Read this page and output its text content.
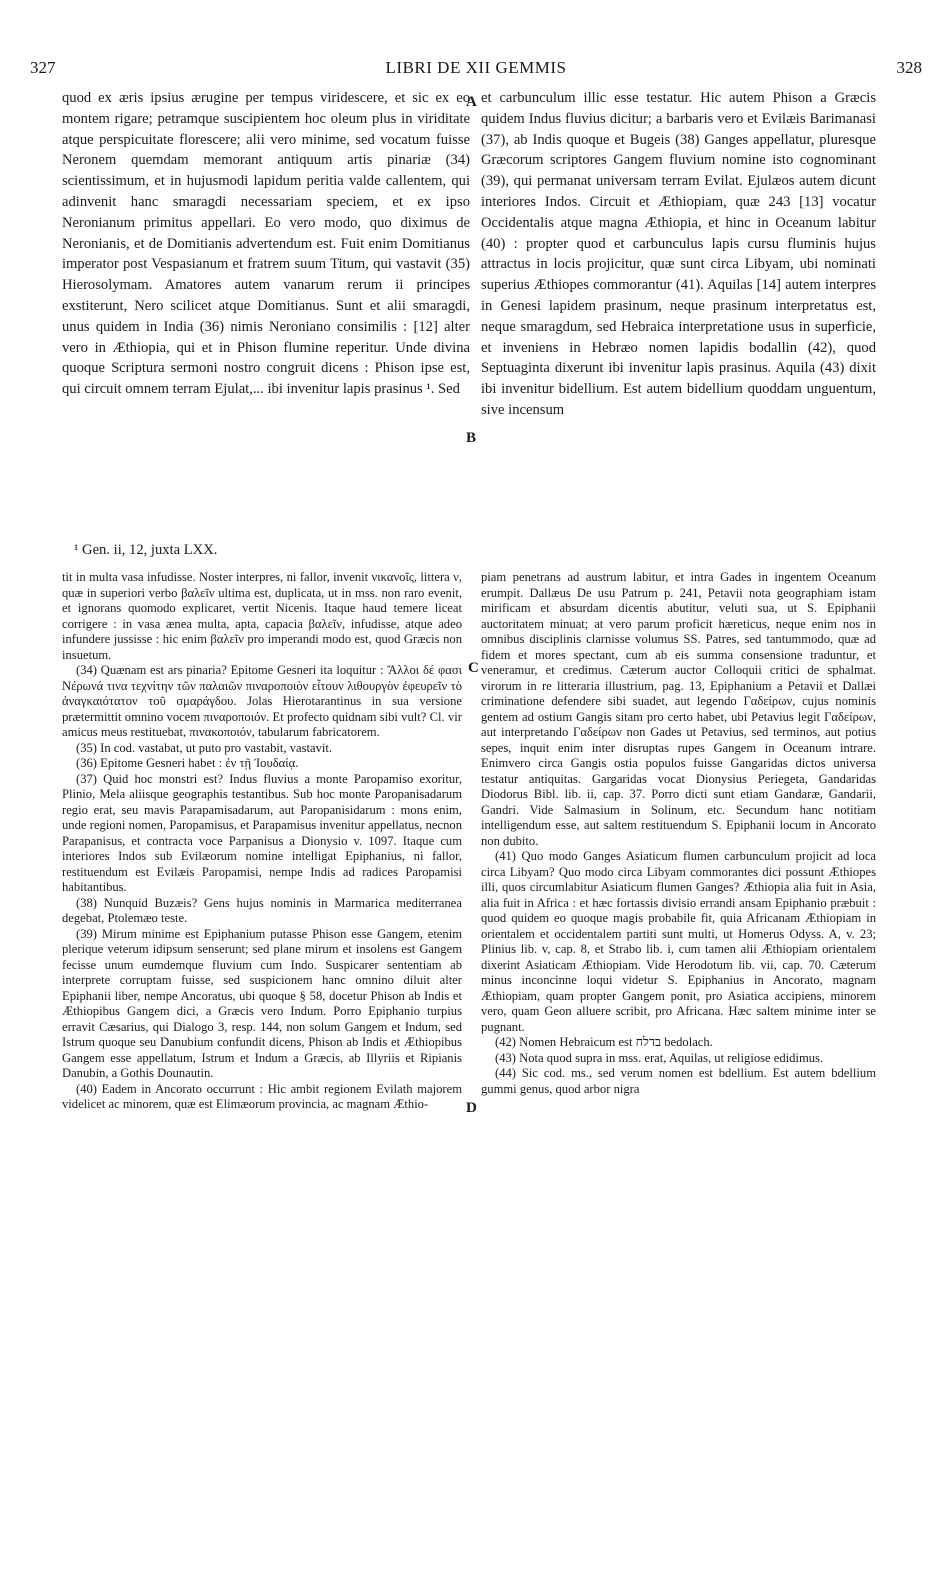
327	LIBRI DE XII GEMMIS	328

quod ex æris ipsius ærugine per tempus viridescere, et sic ex eo montem rigare; petramque suscipientem hoc oleum plus in viriditate atque perspicuitate florescere; alii vero minime, sed vocatum fuisse Neronem quemdam memorant antiquum artis pinariæ (34) scientissimum, et in hujusmodi lapidum peritia valde callentem, qui adinvenit hanc smaragdi necessariam speciem, et ex ipso Neronianum primitus appellari. Eo vero modo, quo diximus de Neronianis, et de Domitianis advertendum est. Fuit enim Domitianus imperator post Vespasianum et fratrem suum Titum, qui vastavit (35) Hierosolymam. Amatores autem vanarum rerum ii principes exstiterunt, Nero scilicet atque Domitianus. Sunt et alii smaragdi, unus quidem in India (36) nimis Neroniano consimilis : [12] alter vero in Æthiopia, qui et in Phison flumine reperitur. Unde divina quoque Scriptura sermoni nostro congruit dicens : Phison ipse est, qui circuit omnem terram Ejulat,... ibi invenitur lapis prasinus ¹. Sed

et carbunculum illic esse testatur. Hic autem Phison a Græcis quidem Indus fluvius dicitur; a barbaris vero et Evilæis Barimanasi (37), ab Indis quoque et Bugeis (38) Ganges appellatur, pluresque Græcorum scriptores Gangem fluvium nomine isto cognominant (39), qui permanat universam terram Evilat. Ejulæos autem dicunt interiores Indos. Circuit et Æthiopiam, quæ 243 [13] vocatur Occidentalis atque magna Æthiopia, et hinc in Oceanum labitur (40) : propter quod et carbunculus lapis cursu fluminis hujus attractus in locis projicitur, quæ sunt circa Libyam, ubi nominati superius Æthiopes commorantur (41). Aquilas [14] autem interpres in Genesi lapidem prasinum, neque prasinum interpretatus est, neque smaragdum, sed Hebraica interpretatione usus in superficie, et inveniens in Hebræo nomen lapidis bodallin (42), quod Septuaginta dixerunt ibi invenitur lapis prasinus. Aquila (43) dixit ibi invenitur bidellium. Est autem bidellium quoddam unguentum, sive incensum

A
B
C
D
¹ Gen. ii, 12, juxta LXX.

tit in multa vasa infudisse. Noster interpres, ni fallor, invenit νικανοῖς, littera ν, quæ in superiori verbo βαλεῖν ultima est, duplicata, ut in mss. non raro evenit, et ignorans quomodo explicaret, vertit Nicenis. Itaque haud temere liceat corrigere : in vasa ænea multa, apta, capacia βαλεῖν, infudisse, atque adeo infundere jussisse : hic enim βαλεῖν pro imperandi modo est, quod Græcis non insuetum.

(34) Quænam est ars pinaria? Epitome Gesneri ita loquitur : Ἄλλοι δέ φασι Νέρωνά τινα τεχνίτην τῶν παλαιῶν πιναροποιὸν εἶτουν λιθουργὸν ἐφευρεῖν τὸ ἀναγκαιότατον τοῦ σμαράγδου. Jolas Hierotarantinus in sua versione prætermittit omnino vocem πιναροποιόν. Et profecto quidnam sibi vult? Cl. vir amicus meus restituebat, πινακοποιόν, tabularum fabricatorem.

(35) In cod. vastabat, ut puto pro vastabit, vastavit.

(36) Epitome Gesneri habet : ἐν τῇ Ἰουδαίᾳ.

(37) Quid hoc monstri est? Indus fluvius a monte Paropamiso exoritur, Plinio, Mela aliisque geographis testantibus. Sub hoc monte Paropanisadarum regio erat, seu mavis Parapamisadarum, aut Paropanisidarum : mons enim, unde regioni nomen, Paropamisus, et Parapamisus invenitur appellatus, necnon Parapanisus, et contracta voce Parpanisus a Dionysio v. 1097. Itaque cum interiores Indos sub Evilæorum nomine intelligat Epiphanius, ni fallor, restituendum est Evilæis Paropamisi, nempe Indis ad radices Paropamisi habitantibus.

(38) Nunquid Buzæis? Gens hujus nominis in Marmarica mediterranea degebat, Ptolemæo teste.

(39) Mirum minime est Epiphanium putasse Phison esse Gangem, etenim plerique veterum idipsum senserunt; sed plane mirum et insolens est Gangem fecisse unum eumdemque fluvium cum Indo. Suspicarer sententiam ab interprete corruptam fuisse, sed suspicionem hanc omnino diluit alter Epiphanii liber, nempe Ancoratus, ubi quoque § 58, docetur Phison ab Indis et Æthiopibus Gangem dici, a Græcis vero Indum. Porro Epiphanio turpius erravit Cæsarius, qui Dialogo 3, resp. 144, non solum Gangem et Indum, sed Istrum quoque seu Danubium confundit dicens, Phison ab Indis et Æthiopibus Gangem esse appellatum, Istrum et Indum a Græcis, ab Illyriis et Ripianis Danubin, a Gothis Dounautin.

(40) Eadem in Ancorato occurrunt : Hic ambit regionem Evilath majorem videlicet ac minorem, quæ est Elimæorum provincia, ac magnam Æthio-

piam penetrans ad austrum labitur, et intra Gades in ingentem Oceanum erumpit. Dallæus De usu Patrum p. 241, Petavii nota geographiam istam mirificam et absurdam dicentis abutitur, veluti sua, ut S. Epiphanii auctoritatem minuat; at vero parum proficit hæreticus, neque enim nos in omnibus disciplinis clarnisse volumus SS. Patres, sed tantummodo, quæ ad fidem et mores spectant, cum ab eis summa consensione traduntur, et veneramur, et credimus. Cæterum auctor Colloquii critici de sphalmat. virorum in re litteraria illustrium, pag. 13, Epiphanium a Petavii et Dallæi criminatione defendere sibi suadet, aut legendo Γαδείρων, cujus nominis gentem ad ostium Gangis sitam pro certo habet, ubi Petavius legit Γαδείρων, aut interpretando Γαδείρων non Gades ut Petavius, sed terminos, aut potius sepes, inquit enim inter disruptas rupes Gangem in Oceanum intrare. Enimvero circa Gangis ostia populos fuisse Gangaridas dictos universa testatur antiquitas. Gargaridas vocat Dionysius Periegeta, Gandaridas Diodorus Bibl. lib. ii, cap. 37. Porro dicti sunt etiam Gandaræ, Gandarii, Gandri. Vide Salmasium in Solinum, etc. Secundum hanc notitiam intelligendum esse, aut saltem restituendum S. Epiphanii locum in Ancorato non dubito.

(41) Quo modo Ganges Asiaticum flumen carbunculum projicit ad loca circa Libyam? Quo modo circa Libyam commorantes dici possunt Æthiopes illi, quos circumlabitur Asiaticum flumen Ganges? Æthiopia alia fuit in Asia, alia fuit in Africa : et hæc fortassis divisio errandi ansam Epiphanio præbuit : quod quidem eo quoque magis probabile fit, quia Africanam Æthiopiam in orientalem et occidentalem partiti sunt multi, ut Homerus Odyss. A, v. 23; Plinius lib. v, cap. 8, et Strabo lib. i, cum tamen alii Æthiopiam orientalem dixerint Asiaticam Æthiopiam. Vide Herodotum lib. vii, cap. 70. Cæterum minus inconcinne loqui videtur S. Epiphanius in Ancorato, magnam Æthiopiam, quam propter Gangem ponit, pro Asiatica accipiens, minorem vero, quam Geon alluere scribit, pro Africana. Hæc saltem minime inter se pugnant.

(42) Nomen Hebraicum est בדלח bedolach.

(43) Nota quod supra in mss. erat, Aquilas, ut religiose edidimus.

(44) Sic cod. ms., sed verum nomen est bdellium. Est autem bdellium gummi genus, quod arbor nigra
